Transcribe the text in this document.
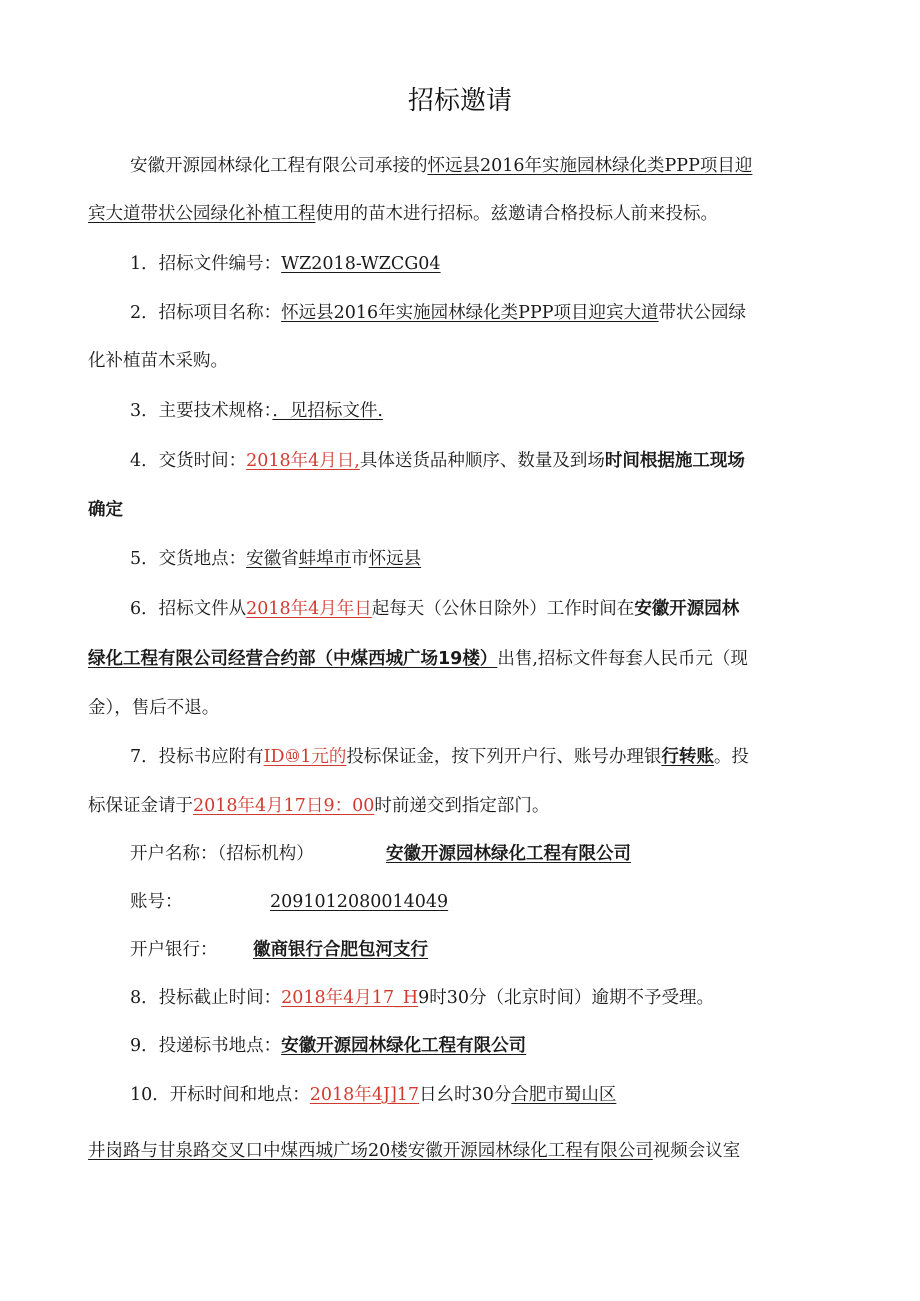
招标邀请
安徽开源园林绿化工程有限公司承接的怀远县2016年实施园林绿化类PPP项目迎
宾大道带状公园绿化补植工程使用的苗木进行招标。兹邀请合格投标人前来投标。
1．招标文件编号：WZ2018-WZCG04
2．招标项目名称：怀远县2016年实施园林绿化类PPP项目迎宾大道带状公园绿
化补植苗木采购。
3．主要技术规格：．见招标文件.
4．交货时间：2018年4月日,具体送货品种顺序、数量及到场时间根据施工现场
确定
5．交货地点：安徽省蚌埠市市怀远县
6．招标文件从2018年4月年日起每天（公休日除外）工作时间在安徽开源园林
绿化工程有限公司经营合约部（中煤西城广场19楼）出售,招标文件每套人民币元（现
金），售后不退。
7．投标书应附有ID⑩1元的投标保证金，按下列开户行、账号办理银行转账。投
标保证金请于2018年4月17日9：00时前递交到指定部门。
开户名称：（招标机构）	安徽开源园林绿化工程有限公司
账号：	2091012080014049
开户银行： 徽商银行合肥包河支行
8．投标截止时间：2018年4月17_H9时30分（北京时间）逾期不予受理。
9．投递标书地点：安徽开源园林绿化工程有限公司
10．开标时间和地点：2018年4J]17日幺时30分合肥市蜀山区
井岗路与甘泉路交叉口中煤西城广场20楼安徽开源园林绿化工程有限公司视频会议室
